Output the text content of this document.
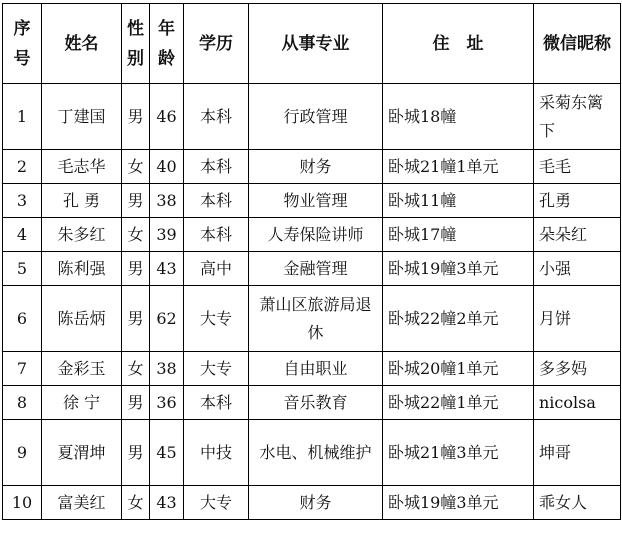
序号	姓名	性别	年龄	学历	从事专业	住　址	微信昵称
1	丁建国	男	46	本科	行政管理	卧城18幢	采菊东篱下
2	毛志华	女	40	本科	财务	卧城21幢1单元	毛毛
3	孔 勇	男	38	本科	物业管理	卧城11幢	孔勇
4	朱多红	女	39	本科	人寿保险讲师	卧城17幢	朵朵红
5	陈利强	男	43	高中	金融管理	卧城19幢3单元	小强
6	陈岳炳	男	62	大专	萧山区旅游局退休	卧城22幢2单元	月饼
7	金彩玉	女	38	大专	自由职业	卧城20幢1单元	多多妈
8	徐 宁	男	36	本科	音乐教育	卧城22幢1单元	nicolsa
9	夏渭坤	男	45	中技	水电、机械维护	卧城21幢3单元	坤哥
10	富美红	女	43	大专	财务	卧城19幢3单元	乖女人
